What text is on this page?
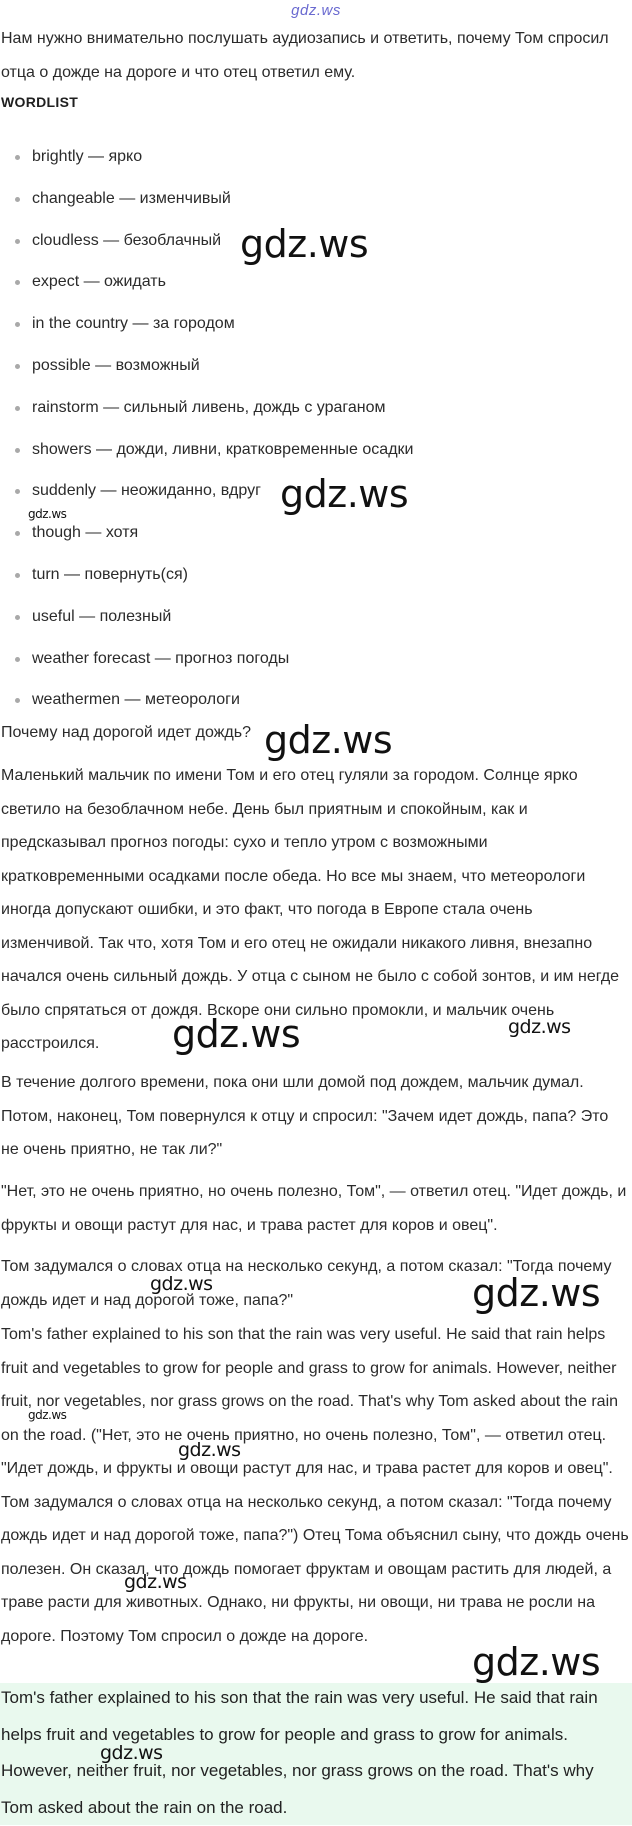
gdz.ws

Нам нужно внимательно послушать аудиозапись и ответить, почему Том спросил отца о дожде на дороге и что отец ответил ему.

WORDLIST
brightly — ярко
changeable — изменчивый
cloudless — безоблачный
expect — ожидать
in the country — за городом
possible — возможный
rainstorm — сильный ливень, дождь с ураганом
showers — дожди, ливни, кратковременные осадки
suddenly — неожиданно, вдруг
though — хотя
turn — повернуть(ся)
useful — полезный
weather forecast — прогноз погоды
weathermen — метеорологи

Почему над дорогой идет дождь?

Маленький мальчик по имени Том и его отец гуляли за городом. Солнце ярко светило на безоблачном небе. День был приятным и спокойным, как и предсказывал прогноз погоды: сухо и тепло утром с возможными кратковременными осадками после обеда. Но все мы знаем, что метеорологи иногда допускают ошибки, и это факт, что погода в Европе стала очень изменчивой. Так что, хотя Том и его отец не ожидали никакого ливня, внезапно начался очень сильный дождь. У отца с сыном не было с собой зонтов, и им негде было спрятаться от дождя. Вскоре они сильно промокли, и мальчик очень расстроился.

В течение долгого времени, пока они шли домой под дождем, мальчик думал. Потом, наконец, Том повернулся к отцу и спросил: "Зачем идет дождь, папа? Это не очень приятно, не так ли?"

"Нет, это не очень приятно, но очень полезно, Том", — ответил отец. "Идет дождь, и фрукты и овощи растут для нас, и трава растет для коров и овец".

Том задумался о словах отца на несколько секунд, а потом сказал: "Тогда почему дождь идет и над дорогой тоже, папа?"

Tom's father explained to his son that the rain was very useful. He said that rain helps fruit and vegetables to grow for people and grass to grow for animals. However, neither fruit, nor vegetables, nor grass grows on the road. That's why Tom asked about the rain on the road. ("Нет, это не очень приятно, но очень полезно, Том", — ответил отец. "Идет дождь, и фрукты и овощи растут для нас, и трава растет для коров и овец". Том задумался о словах отца на несколько секунд, а потом сказал: "Тогда почему дождь идет и над дорогой тоже, папа?") Отец Тома объяснил сыну, что дождь очень полезен. Он сказал, что дождь помогает фруктам и овощам растить для людей, а траве расти для животных. Однако, ни фрукты, ни овощи, ни трава не росли на дороге. Поэтому Том спросил о дожде на дороге.

Tom's father explained to his son that the rain was very useful. He said that rain helps fruit and vegetables to grow for people and grass to grow for animals. However, neither fruit, nor vegetables, nor grass grows on the road. That's why Tom asked about the rain on the road.

gdz.ws
gdz.ws
gdz.ws
gdz.ws
gdz.ws	gdz.ws
gdz.ws	gdz.ws
gdz.ws
gdz.ws
gdz.ws
gdz.ws
gdz.ws
